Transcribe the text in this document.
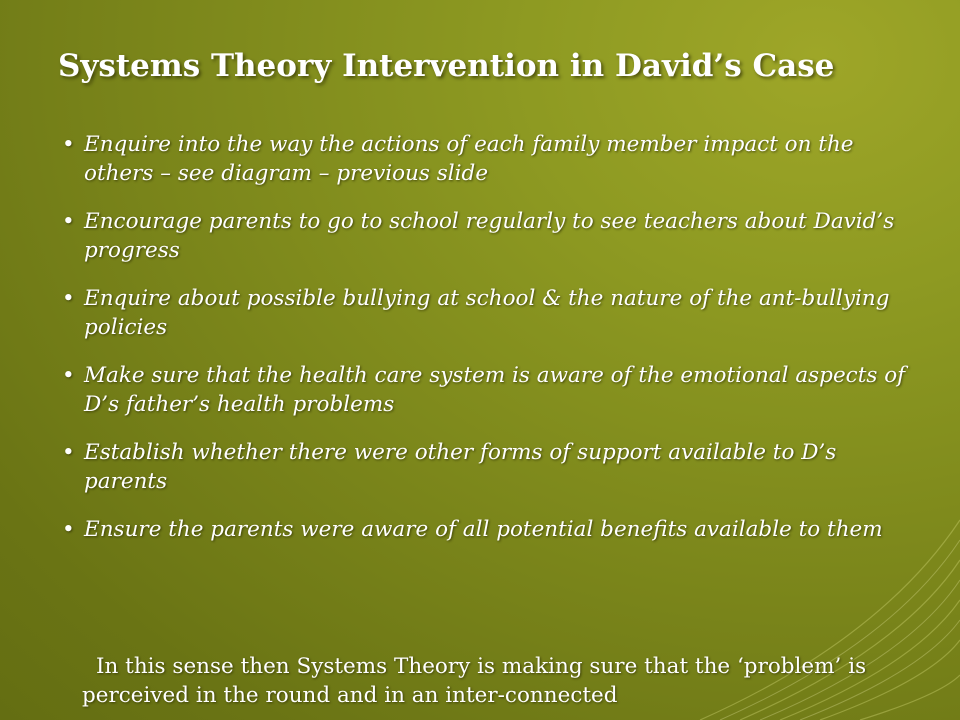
Systems Theory Intervention in David’s Case
• Enquire into the way the actions of each family member impact on the others – see diagram – previous slide
• Encourage parents to go to school regularly to see teachers about David’s progress
• Enquire about possible bullying at school & the nature of the ant-bullying policies
• Make sure that the health care system is aware of the emotional aspects of D’s father’s health problems
• Establish whether there were other forms of support available to D’s parents
• Ensure the parents were aware of all potential benefits available to them

In this sense then Systems Theory is making sure that the ‘problem’ is perceived in the round and in an inter-connected
